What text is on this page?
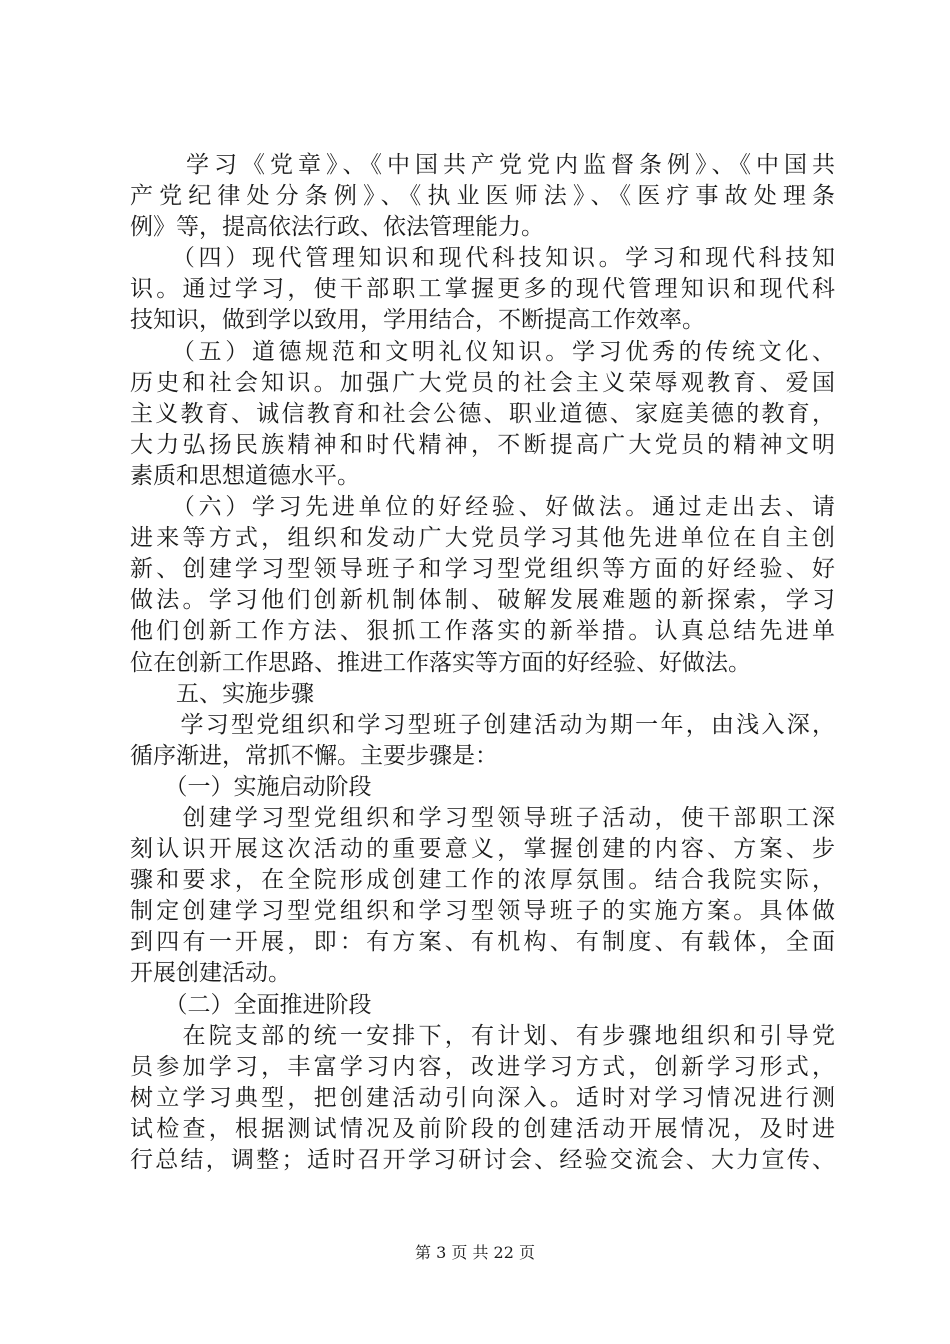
　　学习《党章》、《中国共产党党内监督条例》、《中国共
产党纪律处分条例》、《执业医师法》、《医疗事故处理条
例》等，提高依法行政、依法管理能力。
　　（四）现代管理知识和现代科技知识。学习和现代科技知
识。通过学习，使干部职工掌握更多的现代管理知识和现代科
技知识，做到学以致用，学用结合，不断提高工作效率。
　　（五）道德规范和文明礼仪知识。学习优秀的传统文化、
历史和社会知识。加强广大党员的社会主义荣辱观教育、爱国
主义教育、诚信教育和社会公德、职业道德、家庭美德的教育，
大力弘扬民族精神和时代精神，不断提高广大党员的精神文明
素质和思想道德水平。
　　（六）学习先进单位的好经验、好做法。通过走出去、请
进来等方式，组织和发动广大党员学习其他先进单位在自主创
新、创建学习型领导班子和学习型党组织等方面的好经验、好
做法。学习他们创新机制体制、破解发展难题的新探索，学习
他们创新工作方法、狠抓工作落实的新举措。认真总结先进单
位在创新工作思路、推进工作落实等方面的好经验、好做法。
　　五、实施步骤
　　学习型党组织和学习型班子创建活动为期一年，由浅入深，
循序渐进，常抓不懈。主要步骤是：
　　（一）实施启动阶段
　　创建学习型党组织和学习型领导班子活动，使干部职工深
刻认识开展这次活动的重要意义，掌握创建的内容、方案、步
骤和要求，在全院形成创建工作的浓厚氛围。结合我院实际，
制定创建学习型党组织和学习型领导班子的实施方案。具体做
到四有一开展，即：有方案、有机构、有制度、有载体，全面
开展创建活动。
　　（二）全面推进阶段
　　在院支部的统一安排下，有计划、有步骤地组织和引导党
员参加学习，丰富学习内容，改进学习方式，创新学习形式，
树立学习典型，把创建活动引向深入。适时对学习情况进行测
试检查，根据测试情况及前阶段的创建活动开展情况，及时进
行总结，调整；适时召开学习研讨会、经验交流会、大力宣传、
第 3 页 共 22 页
